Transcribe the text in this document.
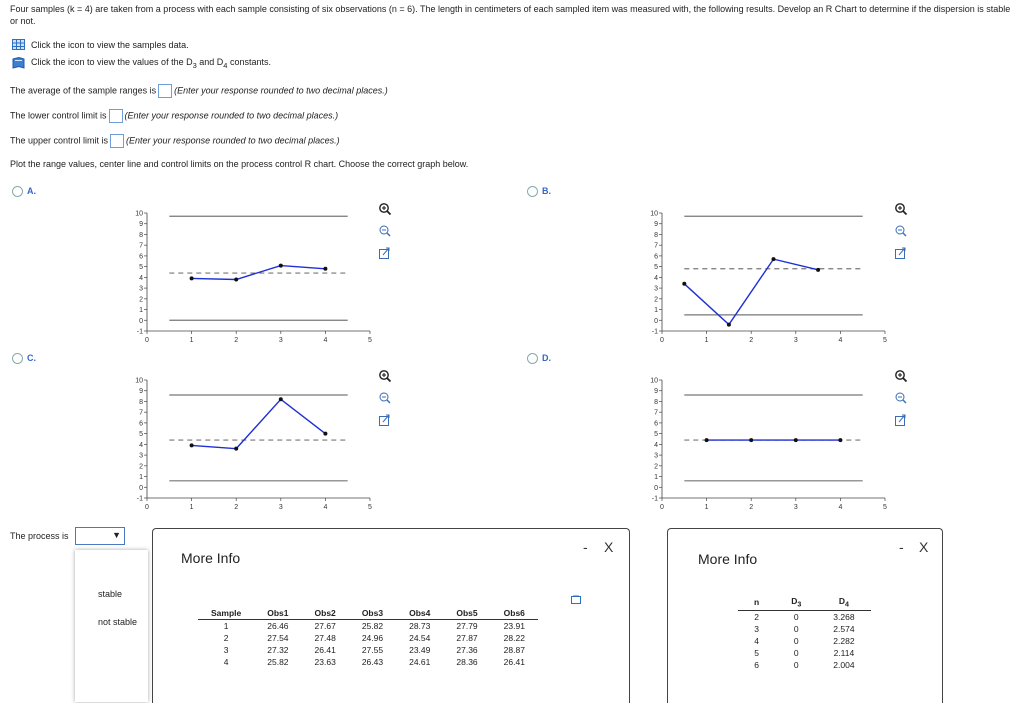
Four samples (k = 4) are taken from a process with each sample consisting of six observations (n = 6). The length in centimeters of each sampled item was measured with, the following results. Develop an R Chart to determine if the dispersion is stable or not.
Click the icon to view the samples data.
Click the icon to view the values of the $D_3$ and $D_4$ constants.
The average of the sample ranges is (Enter your response rounded to two decimal places.)
The lower control limit is (Enter your response rounded to two decimal places.)
The upper control limit is (Enter your response rounded to two decimal places.)
Plot the range values, center line and control limits on the process control R chart. Choose the correct graph below.
A.	B.
C.	D.
-1
0
1
2
3
4
5
6
7
8
9
10
0	1	2	3	4	5
-1
0
1
2
3
4
5
6
7
8
9
10
0	1	2	3	4	5
-1
0
1
2
3
4
5
6
7
8
9
10
0	1	2	3	4	5
-1
0
1
2
3
4
5
6
7
8
9
10
0	1	2	3	4	5
The process is	▼
stable
not stable
More Info
- X
Sample	Obs1	Obs2	Obs3	Obs4	Obs5	Obs6
1	26.46	27.67	25.82	28.73	27.79	23.91
2	27.54	27.48	24.96	24.54	27.87	28.22
3	27.32	26.41	27.55	23.49	27.36	28.87
4	25.82	23.63	26.43	24.61	28.36	26.41
More Info
- X
n	$D_3$	$D_4$
2	0	3.268
3	0	2.574
4	0	2.282
5	0	2.114
6	0	2.004
